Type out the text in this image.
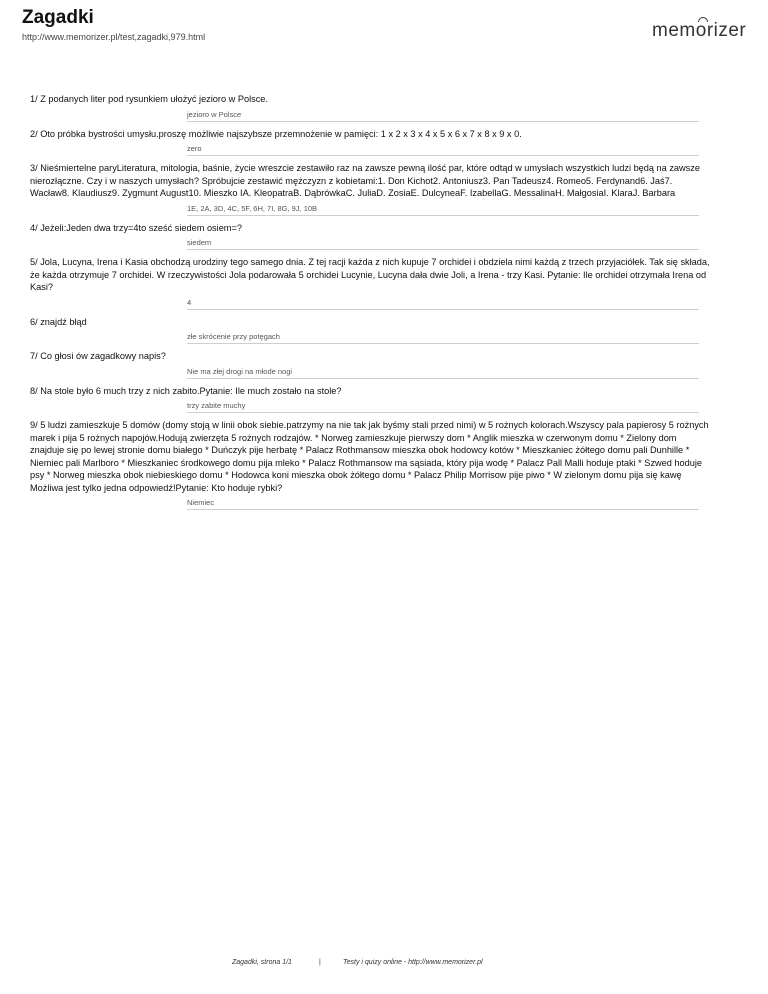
Zagadki
http://www.memorizer.pl/test,zagadki,979.html	memorizer

1/ Z podanych liter pod rysunkiem ułożyć jezioro w Polsce.

jezioro w Polsce

2/ Oto próbka bystrości umysłu.proszę możliwie najszybsze przemnożenie w pamięci: 1 x 2 x 3 x 4 x 5 x 6 x 7 x 8 x 9 x 0.

zero

3/ Nieśmiertelne paryLiteratura, mitologia, baśnie, życie wreszcie zestawiło raz na zawsze pewną ilość par, które odtąd w umysłach wszystkich ludzi będą na zawsze nierozłączne. Czy i w naszych umysłach? Spróbujcie zestawić mężczyzn z kobietami:1. Don Kichot2. Antoniusz3. Pan Tadeusz4. Romeo5. Ferdynand6. Jaś7. Wacław8. Klaudiusz9. Zygmunt August10. Mieszko IA. KleopatraB. DąbrówkaC. JuliaD. ZosiaE. DulcyneaF. IzabellaG. MessalinaH. MałgosiaI. KlaraJ. Barbara

1E, 2A, 3D, 4C, 5F, 6H, 7I, 8G, 9J, 10B

4/ Jeżeli:Jeden dwa trzy=4to sześć siedem osiem=?

siedem

5/ Jola, Lucyna, Irena i Kasia obchodzą urodziny tego samego dnia. Z tej racji każda z nich kupuje 7 orchidei i obdziela nimi każdą z trzech przyjaciółek. Tak się składa, że każda otrzymuje 7 orchidei. W rzeczywistości Jola podarowała 5 orchidei Lucynie, Lucyna dała dwie Joli, a Irena - trzy Kasi. Pytanie: Ile orchidei otrzymała Irena od Kasi?

4

6/ znajdź błąd

złe skrócenie przy potęgach

7/ Co głosi ów zagadkowy napis?

Nie ma złej drogi na młode nogi

8/ Na stole było 6 much trzy z nich zabito.Pytanie: Ile much zostało na stole?

trzy zabite muchy

9/ 5 ludzi zamieszkuje 5 domów (domy stoją w linii obok siebie.patrzymy na nie tak jak byśmy stali przed nimi) w 5 rożnych kolorach.Wszyscy pala papierosy 5 rożnych marek i pija 5 rożnych napojów.Hodują zwierzęta 5 rożnych rodzajów. * Norweg zamieszkuje pierwszy dom * Anglik mieszka w czerwonym domu * Zielony dom znajduje się po lewej stronie domu białego * Duńczyk pije herbatę * Palacz Rothmansow mieszka obok hodowcy kotów * Mieszkaniec żółtego domu pali Dunhille * Niemiec pali Marlboro * Mieszkaniec środkowego domu pija mleko * Palacz Rothmansow ma sąsiada, który pija wodę * Palacz Pall Malli hoduje ptaki * Szwed hoduje psy * Norweg mieszka obok niebieskiego domu * Hodowca koni mieszka obok żółtego domu * Palacz Philip Morrisow pije piwo * W zielonym domu pija się kawę Możliwa jest tylko jedna odpowiedź!Pytanie: Kto hoduje rybki?

Niemiec
Zagadki, strona 1/1	|	Testy i quizy online - http://www.memorizer.pl
